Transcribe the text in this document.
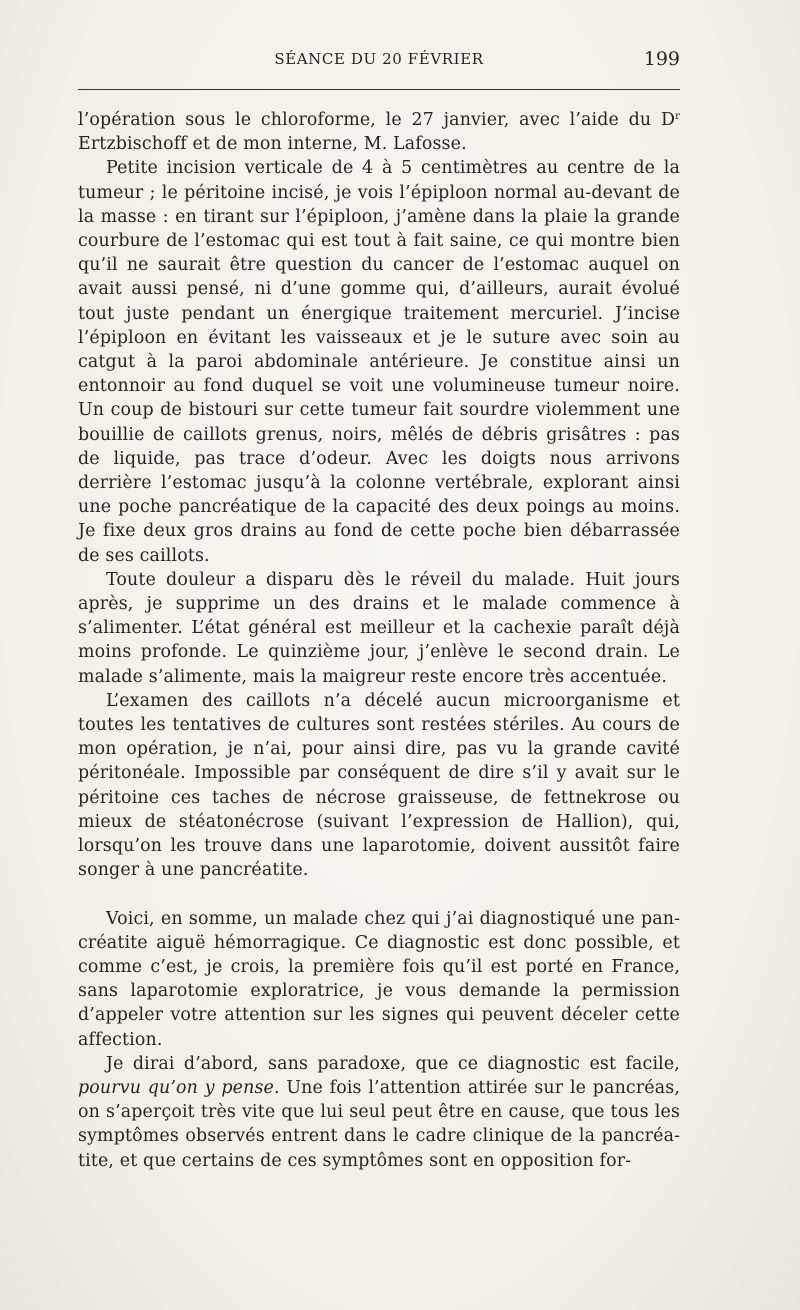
SÉANCE DU 20 FÉVRIER	199

l’opération sous le chloroforme, le 27 janvier, avec l’aide du $D^r$ Ertzbischoff et de mon interne, M. Lafosse.

Petite incision verticale de 4 à 5 centimètres au centre de la tumeur ; le péritoine incisé, je vois l’épiploon normal au-devant de la masse : en tirant sur l’épiploon, j’amène dans la plaie la grande courbure de l’estomac qui est tout à fait saine, ce qui montre bien qu’il ne saurait être question du cancer de l’estomac auquel on avait aussi pensé, ni d’une gomme qui, d’ailleurs, aurait évolué tout juste pendant un énergique traitement mercuriel. J’incise l’épiploon en évitant les vaisseaux et je le suture avec soin au catgut à la paroi abdominale antérieure. Je constitue ainsi un entonnoir au fond duquel se voit une volumineuse tumeur noire. Un coup de bistouri sur cette tumeur fait sourdre violemment une bouillie de caillots grenus, noirs, mêlés de débris grisâtres : pas de liquide, pas trace d’odeur. Avec les doigts nous arrivons derrière l’estomac jusqu’à la colonne vertébrale, explorant ainsi une poche pancréatique de la capacité des deux poings au moins. Je fixe deux gros drains au fond de cette poche bien débarrassée de ses caillots.

Toute douleur a disparu dès le réveil du malade. Huit jours après, je supprime un des drains et le malade commence à s’alimenter. L’état général est meilleur et la cachexie paraît déjà moins profonde. Le quinzième jour, j’enlève le second drain. Le malade s’alimente, mais la maigreur reste encore très accentuée.

L’examen des caillots n’a décelé aucun microorganisme et toutes les tentatives de cultures sont restées stériles. Au cours de mon opération, je n’ai, pour ainsi dire, pas vu la grande cavité péritonéale. Impossible par conséquent de dire s’il y avait sur le péritoine ces taches de nécrose graisseuse, de fettnekrose ou mieux de stéatonécrose (suivant l’expression de Hallion), qui, lorsqu’on les trouve dans une laparotomie, doivent aussitôt faire songer à une pancréatite.

Voici, en somme, un malade chez qui j’ai diagnostiqué une pancréatite aiguë hémorragique. Ce diagnostic est donc possible, et comme c’est, je crois, la première fois qu’il est porté en France, sans laparotomie exploratrice, je vous demande la permission d’appeler votre attention sur les signes qui peuvent déceler cette affection.

Je dirai d’abord, sans paradoxe, que ce diagnostic est facile, pourvu qu’on y pense. Une fois l’attention attirée sur le pancréas, on s’aperçoit très vite que lui seul peut être en cause, que tous les symptômes observés entrent dans le cadre clinique de la pancréatite, et que certains de ces symptômes sont en opposition for-
